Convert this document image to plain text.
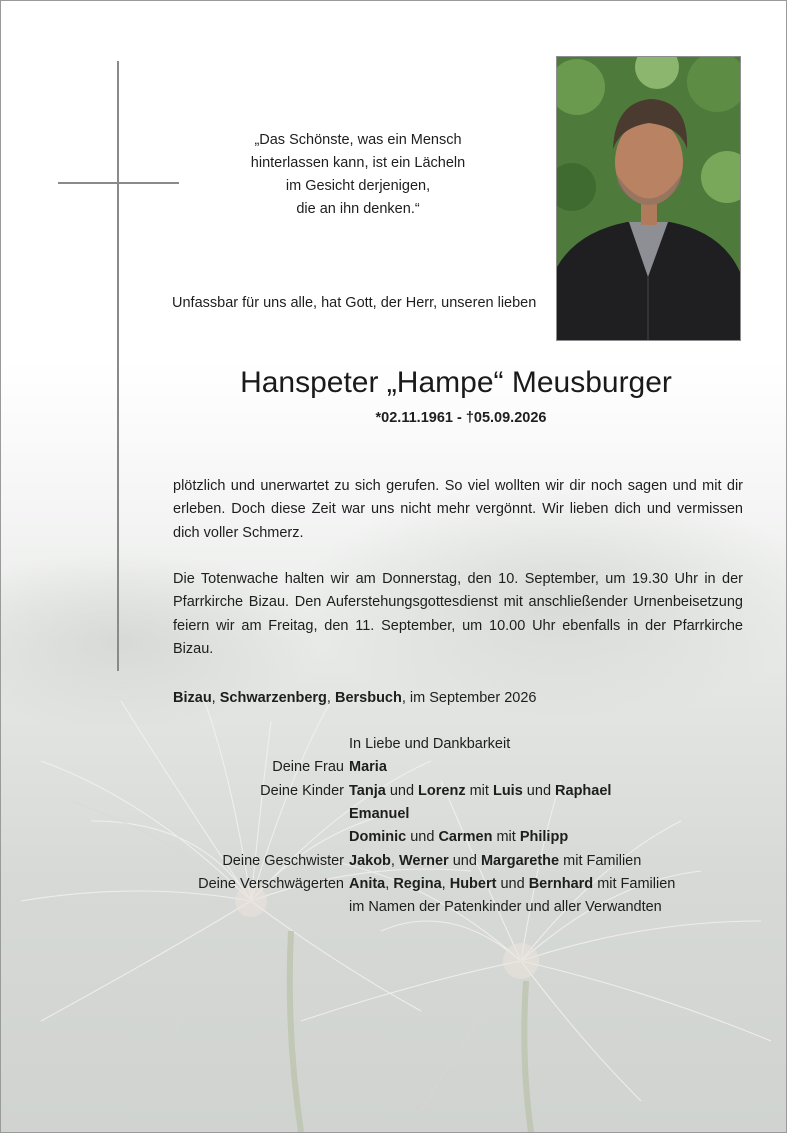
„Das Schönste, was ein Mensch
hinterlassen kann, ist ein Lächeln
im Gesicht derjenigen,
die an ihn denken.“
Unfassbar für uns alle, hat Gott, der Herr, unseren lieben
Hanspeter „Hampe“ Meusburger
*02.11.1961 - †05.09.2026
plötzlich und unerwartet zu sich gerufen. So viel wollten wir dir noch sagen und mit dir erleben. Doch diese Zeit war uns nicht mehr vergönnt. Wir lieben dich und vermissen dich voller Schmerz.
Die Totenwache halten wir am Donnerstag, den 10. September, um 19.30 Uhr in der Pfarrkirche Bizau. Den Auferstehungsgottesdienst mit anschließender Urnenbeisetzung feiern wir am Freitag, den 11. September, um 10.00 Uhr ebenfalls in der Pfarrkirche Bizau.
Bizau, Schwarzenberg, Bersbuch, im September 2026
In Liebe und Dankbarkeit
Deine Frau Maria
Deine Kinder Tanja und Lorenz mit Luis und Raphael
Emanuel
Dominic und Carmen mit Philipp
Deine Geschwister Jakob, Werner und Margarethe mit Familien
Deine Verschwägerten Anita, Regina, Hubert und Bernhard mit Familien
im Namen der Patenkinder und aller Verwandten
